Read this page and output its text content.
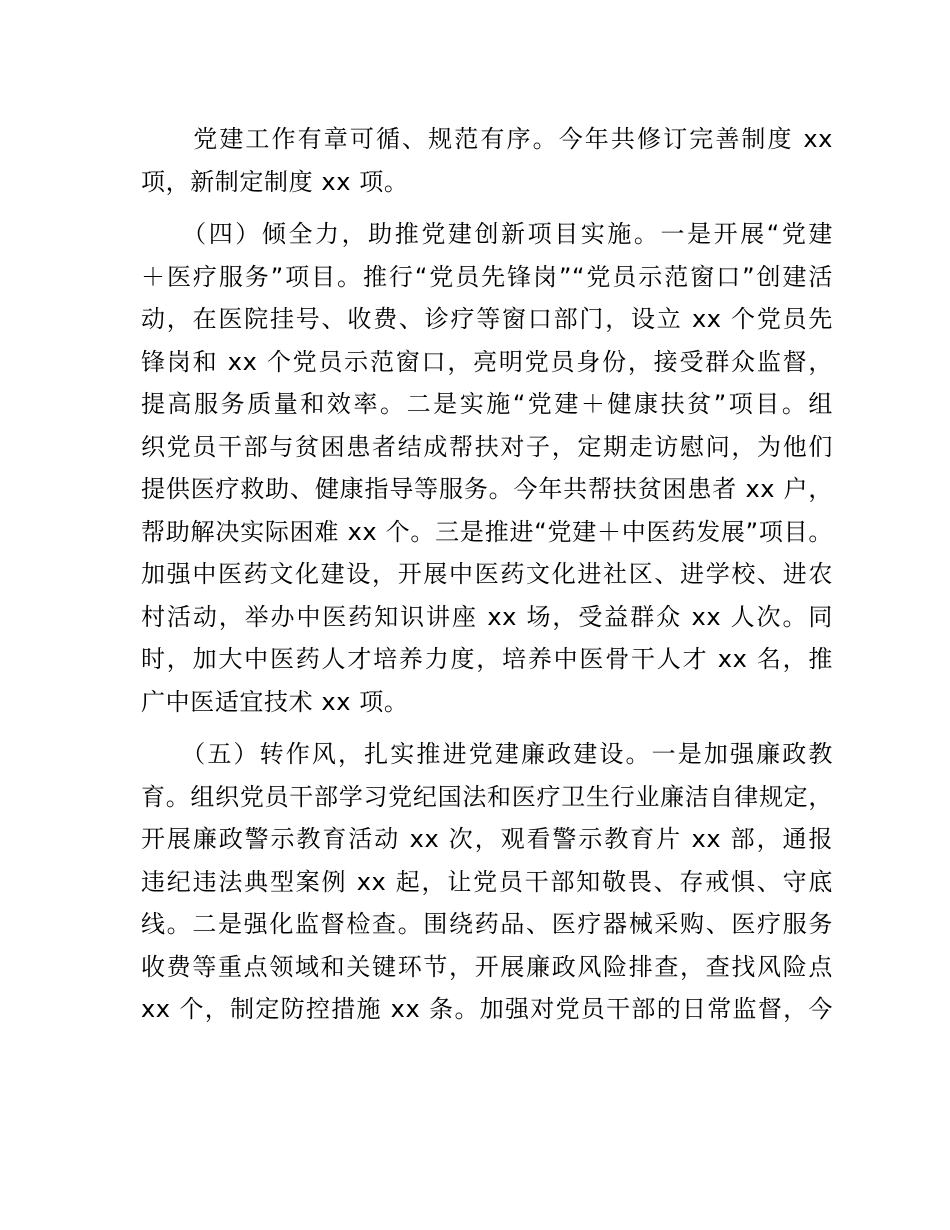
　　党建工作有章可循、规范有序。今年共修订完善制度 xx
项，新制定制度 xx 项。
　　（四）倾全力，助推党建创新项目实施。一是开展“党建
＋医疗服务”项目。推行“党员先锋岗”“党员示范窗口”创建活
动，在医院挂号、收费、诊疗等窗口部门，设立 xx 个党员先
锋岗和 xx 个党员示范窗口，亮明党员身份，接受群众监督，
提高服务质量和效率。二是实施“党建＋健康扶贫”项目。组
织党员干部与贫困患者结成帮扶对子，定期走访慰问，为他们
提供医疗救助、健康指导等服务。今年共帮扶贫困患者 xx 户，
帮助解决实际困难 xx 个。三是推进“党建＋中医药发展”项目。
加强中医药文化建设，开展中医药文化进社区、进学校、进农
村活动，举办中医药知识讲座 xx 场，受益群众 xx 人次。同
时，加大中医药人才培养力度，培养中医骨干人才 xx 名，推
广中医适宜技术 xx 项。
　　（五）转作风，扎实推进党建廉政建设。一是加强廉政教
育。组织党员干部学习党纪国法和医疗卫生行业廉洁自律规定，
开展廉政警示教育活动 xx 次，观看警示教育片 xx 部，通报
违纪违法典型案例 xx 起，让党员干部知敬畏、存戒惧、守底
线。二是强化监督检查。围绕药品、医疗器械采购、医疗服务
收费等重点领域和关键环节，开展廉政风险排查，查找风险点
xx 个，制定防控措施 xx 条。加强对党员干部的日常监督，今
